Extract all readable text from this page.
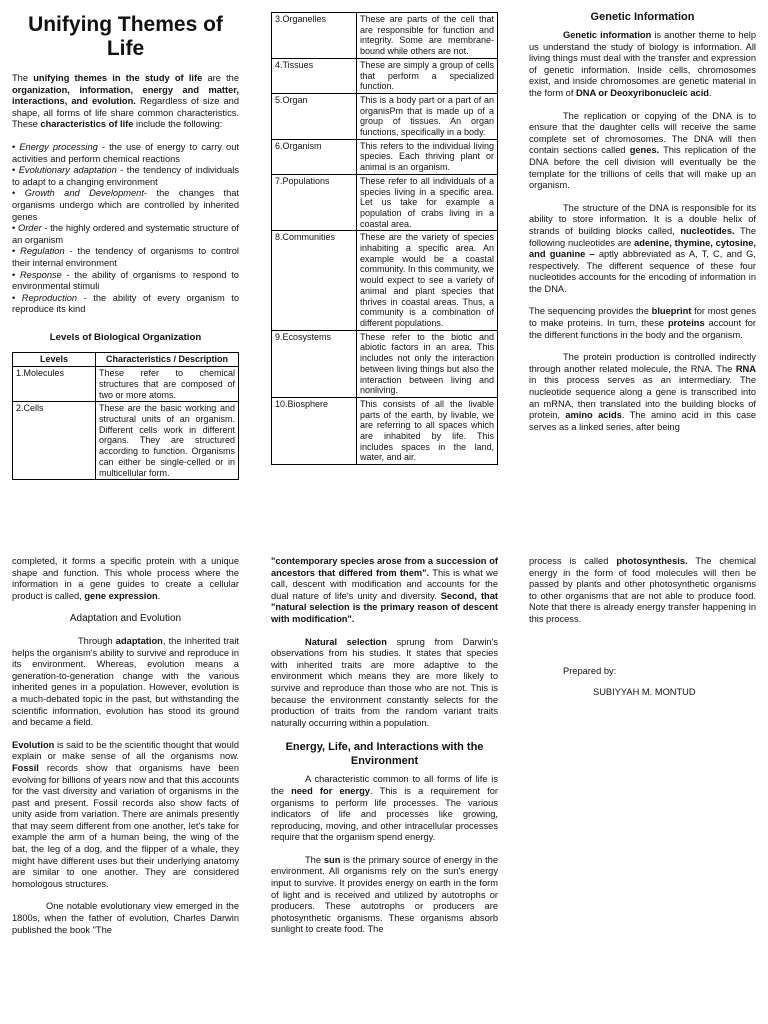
Unifying Themes of Life

The unifying themes in the study of life are the organization, information, energy and matter, interactions, and evolution. Regardless of size and shape, all forms of life share common characteristics. These characteristics of life include the following:

• Energy processing - the use of energy to carry out activities and perform chemical reactions
• Evolutionary adaptation - the tendency of individuals to adapt to a changing environment
• Growth and Development- the changes that organisms undergo which are controlled by inherited genes
• Order - the highly ordered and systematic structure of an organism
• Regulation - the tendency of organisms to control their internal environment
• Response - the ability of organisms to respond to environmental stimuli
• Reproduction - the ability of every organism to reproduce its kind
Levels of Biological Organization
Levels	Characteristics / Description
1.Molecules	These refer to chemical structures that are composed of two or more atoms.
2.Cells	These are the basic working and structural units of an organism. Different cells work in different organs. They are structured according to function. Organisms can either be single-celled or in multicellular form.
3.Organelles	These are parts of the cell that are responsible for function and integrity. Some are membrane-bound while others are not.
4.Tissues	These are simply a group of cells that perform a specialized function.
5.Organ	This is a body part or a part of an organisPm that is made up of a group of tissues. An organ functions, specifically in a body.
6.Organism	This refers to the individual living species. Each thriving plant or animal is an organism.
7.Populations	These refer to all individuals of a species living in a specific area. Let us take for example a population of crabs living in a coastal area.
8.Communities	These are the variety of species inhabiting a specific area. An example would be a coastal community. In this community, we would expect to see a variety of animal and plant species that thrives in coastal areas. Thus, a community is a combination of different populations.
9.Ecosystems	These refer to the biotic and abiotic factors in an area. This includes not only the interaction between living things but also the interaction between living and nonliving.
10.Biosphere	This consists of all the livable parts of the earth, by livable, we are referring to all spaces which are inhabited by life. This includes spaces in the land, water, and air.
Genetic Information

Genetic information is another theme to help us understand the study of biology is information. All living things must deal with the transfer and expression of genetic information. Inside cells, chromosomes exist, and inside chromosomes are genetic material in the form of DNA or Deoxyribonucleic acid.

The replication or copying of the DNA is to ensure that the daughter cells will receive the same complete set of chromosomes. The DNA will then contain sections called genes. This replication of the DNA before the cell division will eventually be the template for the trillions of cells that will make up an organism.

The structure of the DNA is responsible for its ability to store information. It is a double helix of strands of building blocks called, nucleotides. The following nucleotides are adenine, thymine, cytosine, and guanine – aptly abbreviated as A, T, C, and G, respectively. The different sequence of these four nucleotides accounts for the encoding of information in the DNA.

The sequencing provides the blueprint for most genes to make proteins. In turn, these proteins account for the different functions in the body and the organism.

The protein production is controlled indirectly through another related molecule, the RNA. The RNA in this process serves as an intermediary. The nucleotide sequence along a gene is transcribed into an mRNA, then translated into the building blocks of protein, amino acids. The amino acid in this case serves as a linked series, after being

completed, it forms a specific protein with a unique shape and function. This whole process where the information in a gene guides to create a cellular product is called, gene expression.

Adaptation and Evolution

Through adaptation, the inherited trait helps the organism's ability to survive and reproduce in its environment. Whereas, evolution means a generation-to-generation change with the various inherited genes in a population. However, evolution is a much-debated topic in the past, but withstanding the scientific information, evolution has stood its ground and became a field.

Evolution is said to be the scientific thought that would explain or make sense of all the organisms now. Fossil records show that organisms have been evolving for billions of years now and that this accounts for the vast diversity and variation of organisms in the past and present. Fossil records also show facts of unity aside from variation. There are animals presently that may seem different from one another, let's take for example the arm of a human being, the wing of the bat, the leg of a dog, and the flipper of a whale, they might have different uses but their underlying anatomy are similar to one another. They are considered homologous structures.

One notable evolutionary view emerged in the 1800s, when the father of evolution, Charles Darwin published the book "The

"contemporary species arose from a succession of ancestors that differed from them". This is what we call, descent with modification and accounts for the dual nature of life's unity and diversity. Second, that "natural selection is the primary reason of descent with modification".

Natural selection sprung from Darwin's observations from his studies. It states that species with inherited traits are more adaptive to the environment which means they are more likely to survive and reproduce than those who are not. This is because the environment constantly selects for the production of traits from the random variant traits naturally occurring within a population.

Energy, Life, and Interactions with the Environment

A characteristic common to all forms of life is the need for energy. This is a requirement for organisms to perform life processes. The various indicators of life and processes like growing, reproducing, moving, and other intracellular processes require that the organism spend energy.

The sun is the primary source of energy in the environment. All organisms rely on the sun's energy input to survive. It provides energy on earth in the form of light and is received and utilized by autotrophs or producers. These autotrophs or producers are photosynthetic organisms. These organisms absorb sunlight to create food. The

process is called photosynthesis. The chemical energy in the form of food molecules will then be passed by plants and other photosynthetic organisms to other organisms that are not able to produce food. Note that there is already energy transfer happening in this process.

Prepared by:
SUBIYYAH M. MONTUD
